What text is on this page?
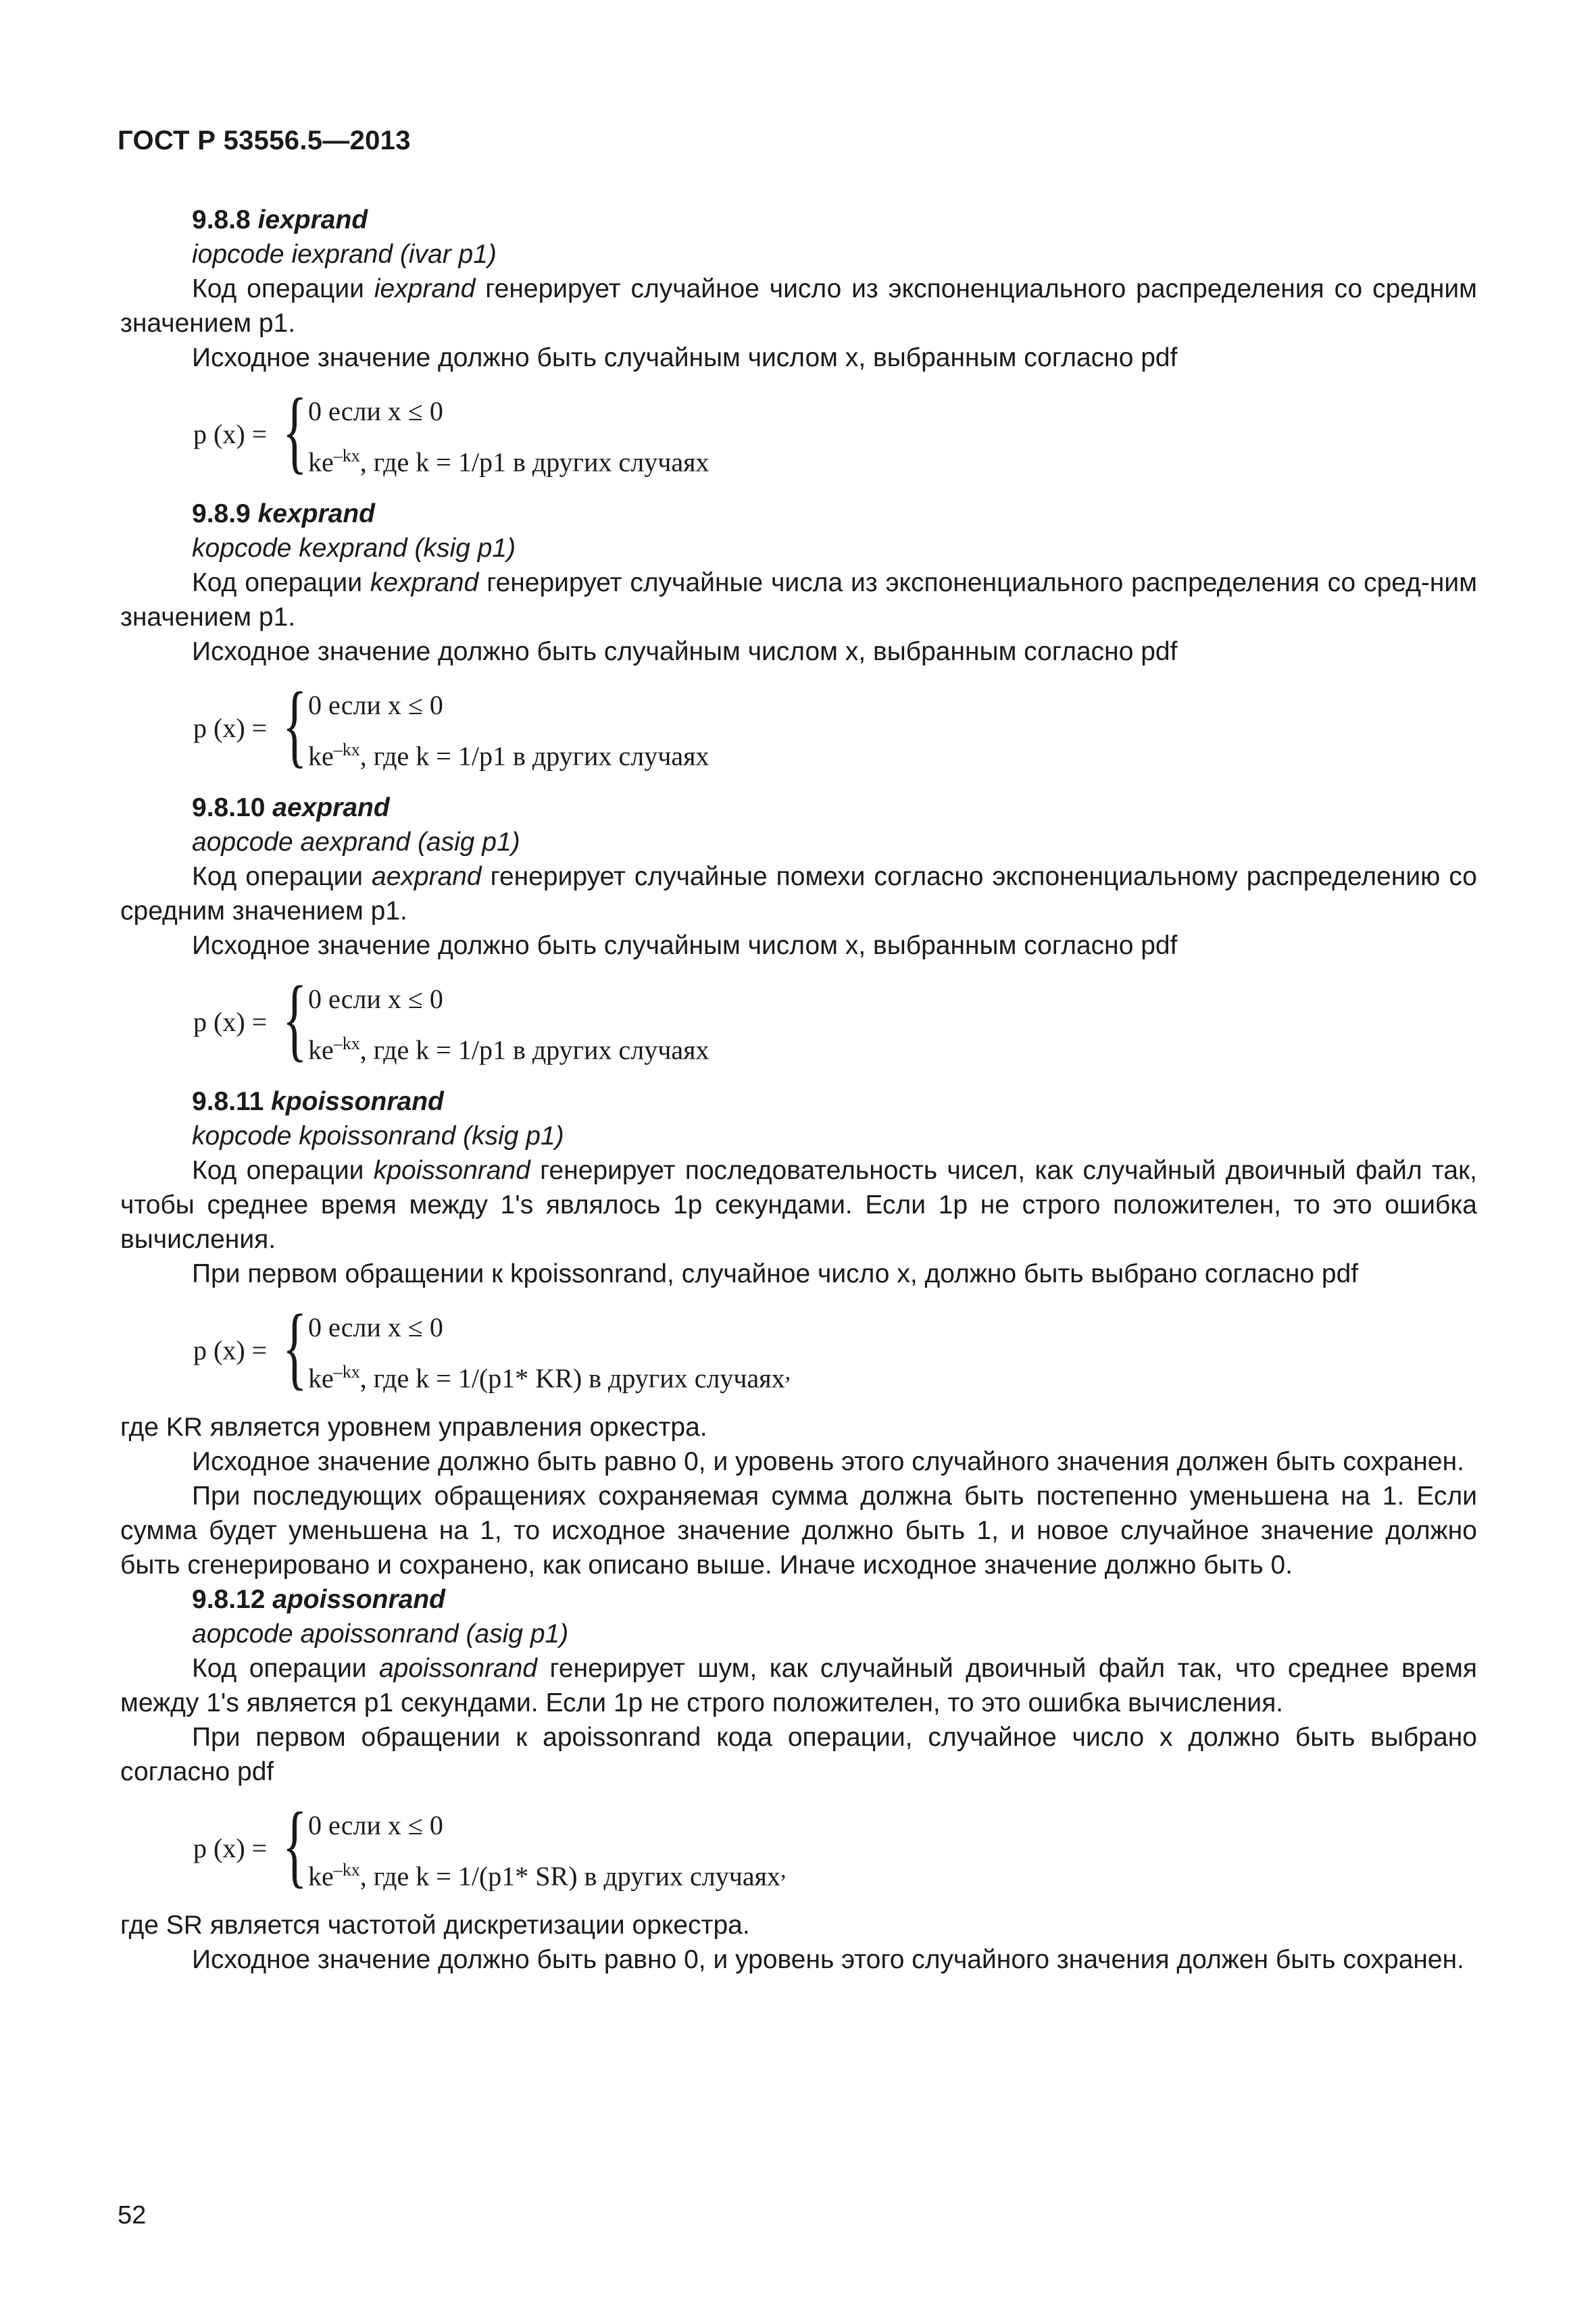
ГОСТ Р 53556.5—2013

9.8.8 iexprand

iopcode iexprand (ivar p1)

Код операции iexprand генерирует случайное число из экспоненциального распределения со средним значением p1.

Исходное значение должно быть случайным числом x, выбранным согласно pdf

p (x) = { 0 если x ≤ 0
$ke^{-kx}$, где k = 1/p1 в других случаях

9.8.9 kexprand

kopcode kexprand (ksig p1)

Код операции kexprand генерирует случайные числа из экспоненциального распределения со сред-ним значением p1.

Исходное значение должно быть случайным числом x, выбранным согласно pdf

p (x) = { 0 если x ≤ 0
$ke^{-kx}$, где k = 1/p1 в других случаях

9.8.10 aexprand

aopcode aexprand (asig p1)

Код операции aexprand генерирует случайные помехи согласно экспоненциальному распределению со средним значением p1.

Исходное значение должно быть случайным числом x, выбранным согласно pdf

p (x) = { 0 если x ≤ 0
$ke^{-kx}$, где k = 1/p1 в других случаях

9.8.11 kpoissonrand

kopcode kpoissonrand (ksig p1)

Код операции kpoissonrand генерирует последовательность чисел, как случайный двоичный файл так, чтобы среднее время между 1's являлось 1p секундами. Если 1p не строго положителен, то это ошибка вычисления.

При первом обращении к kpoissonrand, случайное число x, должно быть выбрано согласно pdf

p (x) = { 0 если x ≤ 0
$ke^{-kx}$, где k = 1/(p1* KR) в других случаях,

где KR является уровнем управления оркестра.

Исходное значение должно быть равно 0, и уровень этого случайного значения должен быть сохранен.

При последующих обращениях сохраняемая сумма должна быть постепенно уменьшена на 1. Если сумма будет уменьшена на 1, то исходное значение должно быть 1, и новое случайное значение должно быть сгенерировано и сохранено, как описано выше. Иначе исходное значение должно быть 0.

9.8.12 apoissonrand

aopcode apoissonrand (asig p1)

Код операции apoissonrand генерирует шум, как случайный двоичный файл так, что среднее время между 1's является p1 секундами. Если 1p не строго положителен, то это ошибка вычисления.

При первом обращении к apoissonrand кода операции, случайное число x должно быть выбрано согласно pdf

p (x) = { 0 если x ≤ 0
$ke^{-kx}$, где k = 1/(p1* SR) в других случаях,

где SR является частотой дискретизации оркестра.

Исходное значение должно быть равно 0, и уровень этого случайного значения должен быть сохранен.

52
